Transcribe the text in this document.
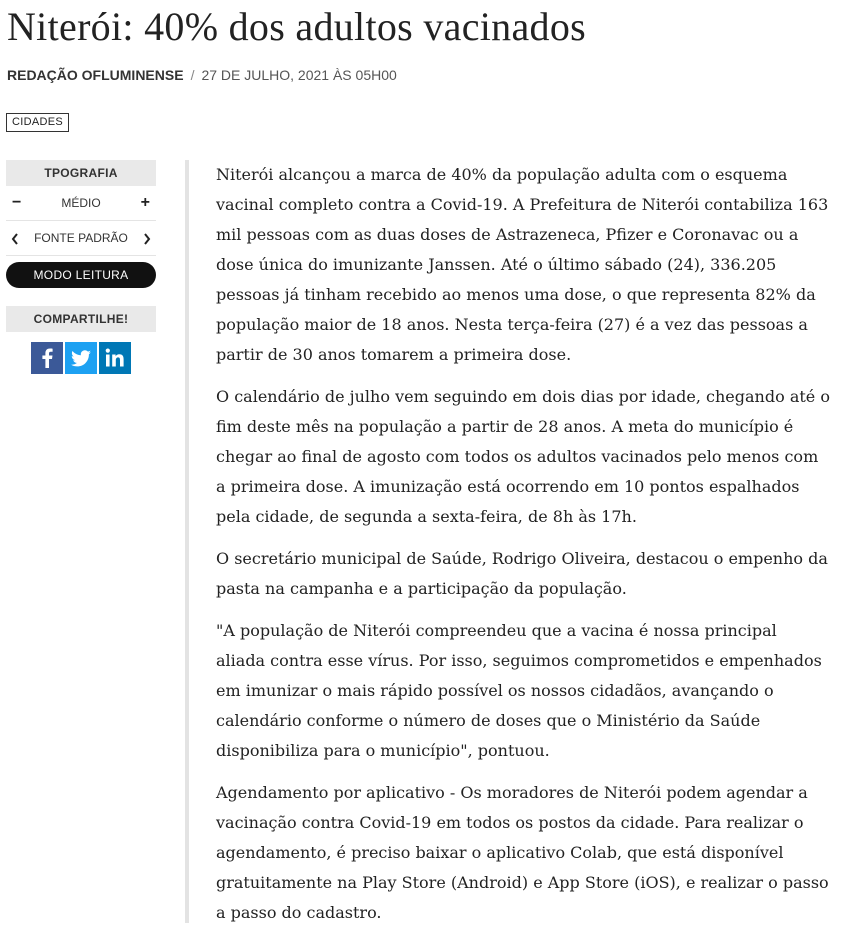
Niterói: 40% dos adultos vacinados
REDAÇÃO OFLUMINENSE / 27 DE JULHO, 2021 ÀS 05H00
CIDADES
TPOGRAFIA
−	MÉDIO +
FONTE PADRÃO
MODO LEITURA
COMPARTILHE!

Niterói alcançou a marca de 40% da população adulta com o esquema vacinal completo contra a Covid-19. A Prefeitura de Niterói contabiliza 163 mil pessoas com as duas doses de Astrazeneca, Pfizer e Coronavac ou a dose única do imunizante Janssen. Até o último sábado (24), 336.205 pessoas já tinham recebido ao menos uma dose, o que representa 82% da população maior de 18 anos. Nesta terça-feira (27) é a vez das pessoas a partir de 30 anos tomarem a primeira dose.

O calendário de julho vem seguindo em dois dias por idade, chegando até o fim deste mês na população a partir de 28 anos. A meta do município é chegar ao final de agosto com todos os adultos vacinados pelo menos com a primeira dose. A imunização está ocorrendo em 10 pontos espalhados pela cidade, de segunda a sexta-feira, de 8h às 17h.

O secretário municipal de Saúde, Rodrigo Oliveira, destacou o empenho da pasta na campanha e a participação da população.

"A população de Niterói compreendeu que a vacina é nossa principal aliada contra esse vírus. Por isso, seguimos comprometidos e empenhados em imunizar o mais rápido possível os nossos cidadãos, avançando o calendário conforme o número de doses que o Ministério da Saúde disponibiliza para o município", pontuou.

Agendamento por aplicativo - Os moradores de Niterói podem agendar a vacinação contra Covid-19 em todos os postos da cidade. Para realizar o agendamento, é preciso baixar o aplicativo Colab, que está disponível gratuitamente na Play Store (Android) e App Store (iOS), e realizar o passo a passo do cadastro.
